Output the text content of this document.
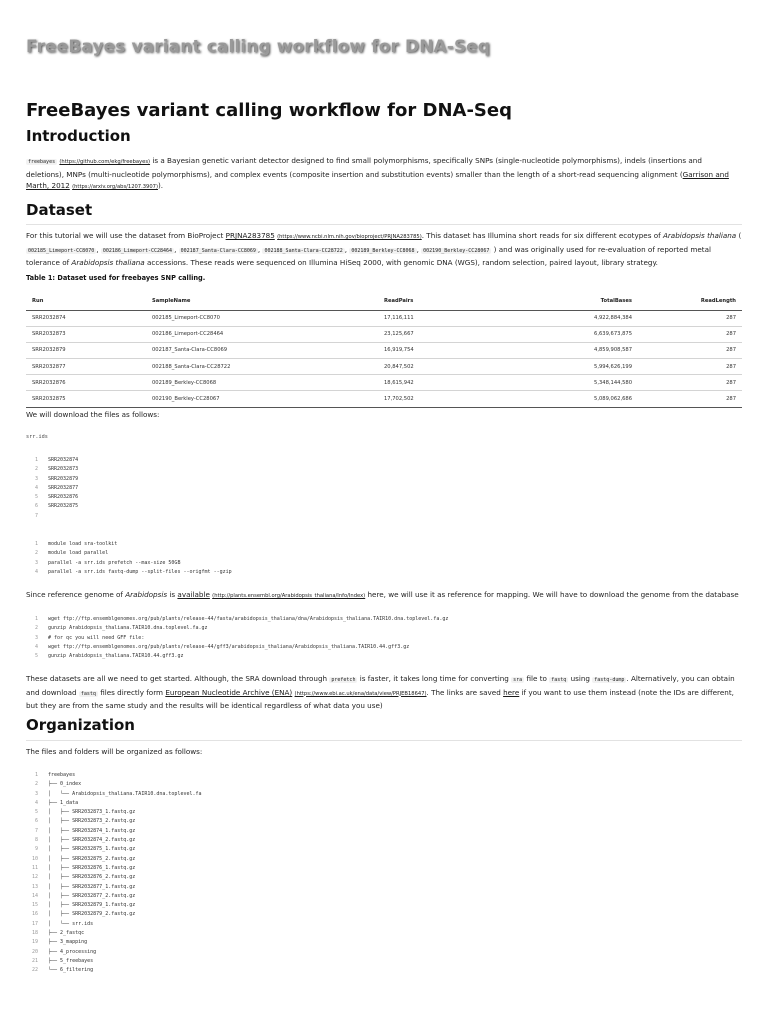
FreeBayes variant calling workflow for DNA-Seq
FreeBayes variant calling workflow for DNA-Seq
Introduction

freebayes (https://github.com/ekg/freebayes) is a Bayesian genetic variant detector designed to find small polymorphisms, specifically SNPs (single-nucleotide polymorphisms), indels (insertions and deletions), MNPs (multi-nucleotide polymorphisms), and complex events (composite insertion and substitution events) smaller than the length of a short-read sequencing alignment (Garrison and Marth, 2012 (https://arxiv.org/abs/1207.3907)).

Dataset

For this tutorial we will use the dataset from BioProject PRJNA283785 (https://www.ncbi.nlm.nih.gov/bioproject/PRJNA283785). This dataset has Illumina short reads for six different ecotypes of Arabidopsis thaliana ( 002185_Limeport-CC8070 , 002186_Limeport-CC28464 , 002187_Santa-Clara-CC8069 , 002188_Santa-Clara-CC28722 , 002189_Berkley-CC8068 , 002190_Berkley-CC28067 ) and was originally used for re-evaluation of reported metal tolerance of Arabidopsis thaliana accessions. These reads were sequenced on Illumina HiSeq 2000, with genomic DNA (WGS), random selection, paired layout, library strategy.

Table 1: Dataset used for freebayes SNP calling.
Run	SampleName	ReadPairs	TotalBases	ReadLength
SRR2032874	002185_Limeport-CC8070	17,116,111	4,922,884,384	287
SRR2032873	002186_Limeport-CC28464	23,125,667	6,639,673,875	287
SRR2032879	002187_Santa-Clara-CC8069	16,919,754	4,859,908,587	287
SRR2032877	002188_Santa-Clara-CC28722	20,847,502	5,994,626,199	287
SRR2032876	002189_Berkley-CC8068	18,615,942	5,348,144,580	287
SRR2032875	002190_Berkley-CC28067	17,702,502	5,089,062,686	287

We will download the files as follows:

srr.ids
1 SRR2032874
2 SRR2032873
3 SRR2032879
4 SRR2032877
5 SRR2032876
6 SRR2032875
7
1 module load sra-toolkit
2 module load parallel
3 parallel -a srr.ids prefetch --max-size 50GB
4 parallel -a srr.ids fastq-dump --split-files --origfmt --gzip

Since reference genome of Arabidopsis is available (http://plants.ensembl.org/Arabidopsis_thaliana/Info/Index) here, we will use it as reference for mapping. We will have to download the genome from the database

1 wget ftp://ftp.ensemblgenomes.org/pub/plants/release-44/fasta/arabidopsis_thaliana/dna/Arabidopsis_thaliana.TAIR10.dna.toplevel.fa.gz
2 gunzip Arabidopsis_thaliana.TAIR10.dna.toplevel.fa.gz
3 # for qc you will need GFF file:
4 wget ftp://ftp.ensemblgenomes.org/pub/plants/release-44/gff3/arabidopsis_thaliana/Arabidopsis_thaliana.TAIR10.44.gff3.gz
5 gunzip Arabidopsis_thaliana.TAIR10.44.gff3.gz

These datasets are all we need to get started. Although, the SRA download through prefetch is faster, it takes long time for converting sra file to fastq using fastq-dump . Alternatively, you can obtain and download fastq files directly form European Nucleotide Archive (ENA) (https://www.ebi.ac.uk/ena/data/view/PRJEB18647). The links are saved here if you want to use them instead (note the IDs are different, but they are from the same study and the results will be identical regardless of what data you use)

Organization

The files and folders will be organized as follows:

1 freebayes
2 ├── 0_index
3 │   └── Arabidopsis_thaliana.TAIR10.dna.toplevel.fa
4 ├── 1_data
5 │   ├── SRR2032873_1.fastq.gz
6 │   ├── SRR2032873_2.fastq.gz
7 │   ├── SRR2032874_1.fastq.gz
8 │   ├── SRR2032874_2.fastq.gz
9 │   ├── SRR2032875_1.fastq.gz
10 │   ├── SRR2032875_2.fastq.gz
11 │   ├── SRR2032876_1.fastq.gz
12 │   ├── SRR2032876_2.fastq.gz
13 │   ├── SRR2032877_1.fastq.gz
14 │   ├── SRR2032877_2.fastq.gz
15 │   ├── SRR2032879_1.fastq.gz
16 │   ├── SRR2032879_2.fastq.gz
17 │   └── srr.ids
18 ├── 2_fastqc
19 ├── 3_mapping
20 ├── 4_processing
21 ├── 5_freebayes
22 └── 6_filtering
